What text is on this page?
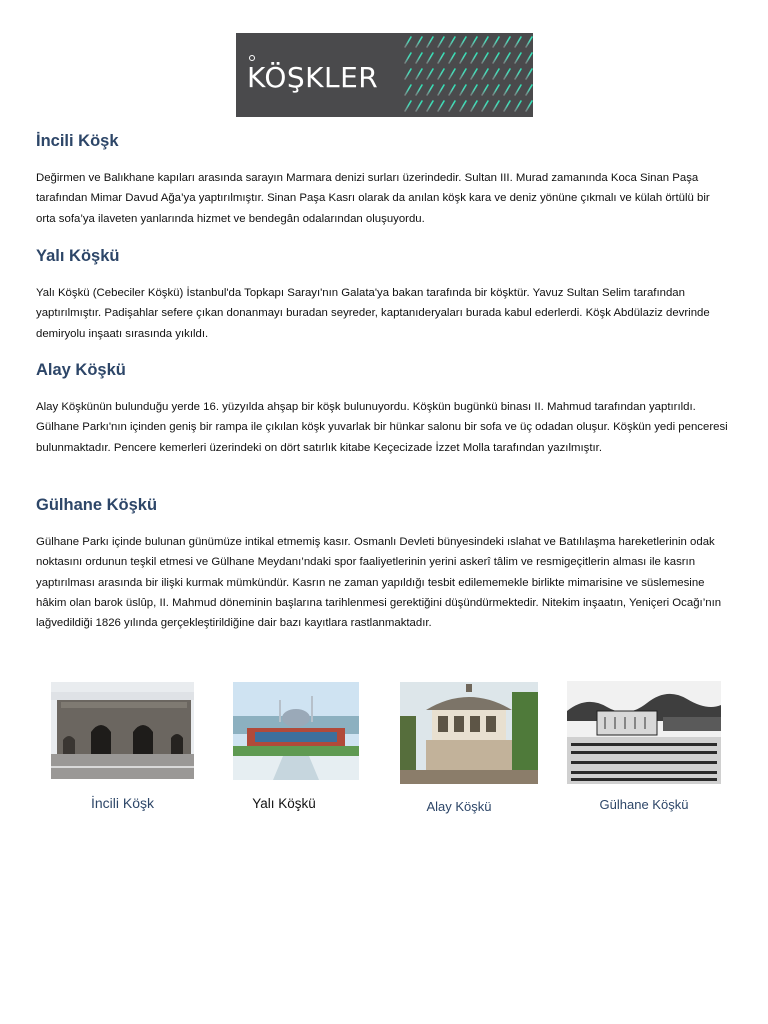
KÖŞKLER
İncili Köşk

Değirmen ve Balıkhane kapıları arasında sarayın Marmara denizi surları üzerindedir. Sultan III. Murad zamanında Koca Sinan Paşa tarafından Mimar Davud Ağa’ya yaptırılmıştır. Sinan Paşa Kasrı olarak da anılan köşk kara ve deniz yönüne çıkmalı ve külah örtülü bir orta sofa’ya ilaveten yanlarında hizmet ve bendegân odalarından oluşuyordu.

Yalı Köşkü

Yalı Köşkü (Cebeciler Köşkü) İstanbul'da Topkapı Sarayı'nın Galata'ya bakan tarafında bir köşktür. Yavuz Sultan Selim tarafından yaptırılmıştır. Padişahlar sefere çıkan donanmayı buradan seyreder, kaptanıderyaları burada kabul ederlerdi. Köşk Abdülaziz devrinde demiryolu inşaatı sırasında yıkıldı.

Alay Köşkü

Alay Köşkünün bulunduğu yerde 16. yüzyılda ahşap bir köşk bulunuyordu. Köşkün bugünkü binası II. Mahmud tarafından yaptırıldı. Gülhane Parkı'nın içinden geniş bir rampa ile çıkılan köşk yuvarlak bir hünkar salonu bir sofa ve üç odadan oluşur. Köşkün yedi penceresi bulunmaktadır. Pencere kemerleri üzerindeki on dört satırlık kitabe Keçecizade İzzet Molla tarafından yazılmıştır.

Gülhane Köşkü

Gülhane Parkı içinde bulunan günümüze intikal etmemiş kasır. Osmanlı Devleti bünyesindeki ıslahat ve Batılılaşma hareketlerinin odak noktasını ordunun teşkil etmesi ve Gülhane Meydanı’ndaki spor faaliyetlerinin yerini askerî tâlim ve resmigeçitlerin alması ile kasrın yaptırılması arasında bir ilişki kurmak mümkündür. Kasrın ne zaman yapıldığı tesbit edilememekle birlikte mimarisine ve süslemesine hâkim olan barok üslûp, II. Mahmud döneminin başlarına tarihlenmesi gerektiğini düşündürmektedir. Nitekim inşaatın, Yeniçeri Ocağı’nın lağvedildiği 1826 yılında gerçekleştirildiğine dair bazı kayıtlara rastlanmaktadır.

İncili Köşk	Yalı Köşkü	Alay Köşkü	Gülhane Köşkü
